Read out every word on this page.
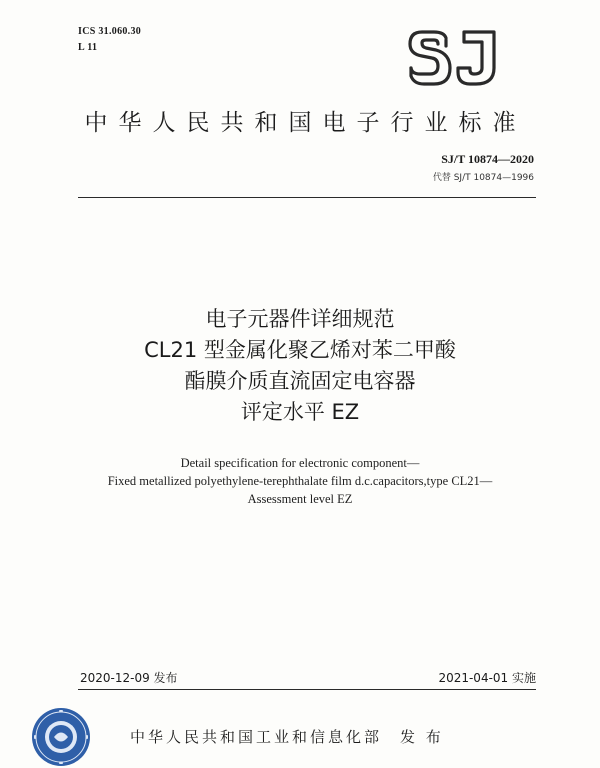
ICS 31.060.30
L 11
中华人民共和国电子行业标准
SJ/T 10874—2020
代替 SJ/T 10874—1996
电子元器件详细规范
CL21 型金属化聚乙烯对苯二甲酸
酯膜介质直流固定电容器
评定水平 EZ
Detail specification for electronic component—
Fixed metallized polyethylene-terephthalate film d.c.capacitors,type CL21—
Assessment level EZ
2020-12-09 发布	2021-04-01 实施
中华人民共和国工业和信息化部 发 布
